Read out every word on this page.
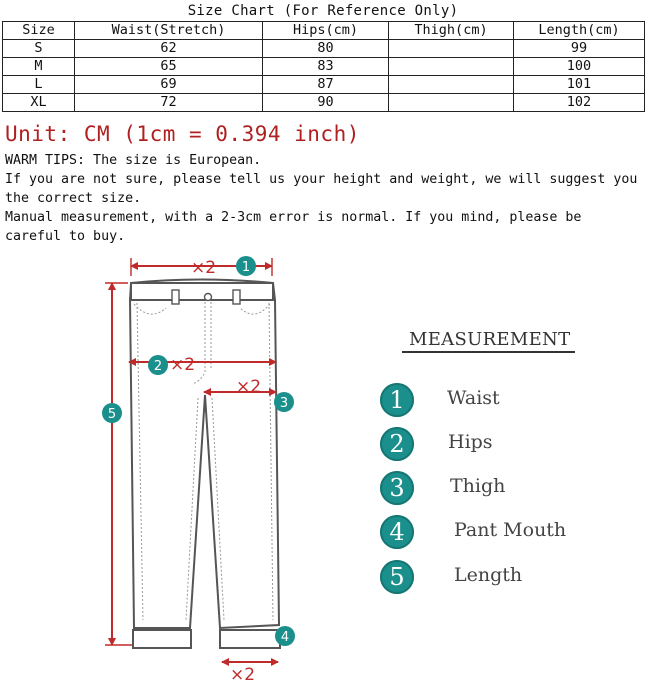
Size Chart (For Reference Only)
Size	Waist(Stretch)	Hips(cm)	Thigh(cm)	Length(cm)
S	62	80		99
M	65	83		100
L	69	87		101
XL	72	90		102
Unit: CM (1cm = 0.394 inch)

WARM TIPS: The size is European.

If you are not sure, please tell us your height and weight, we will suggest you the correct size.

Manual measurement, with a 2-3cm error is normal. If you mind, please be careful to buy.

×2
×2
×2
×2
1
2
3
4
5
MEASUREMENT
1	Waist
2	Hips
3	Thigh
4	Pant Mouth
5	Length
